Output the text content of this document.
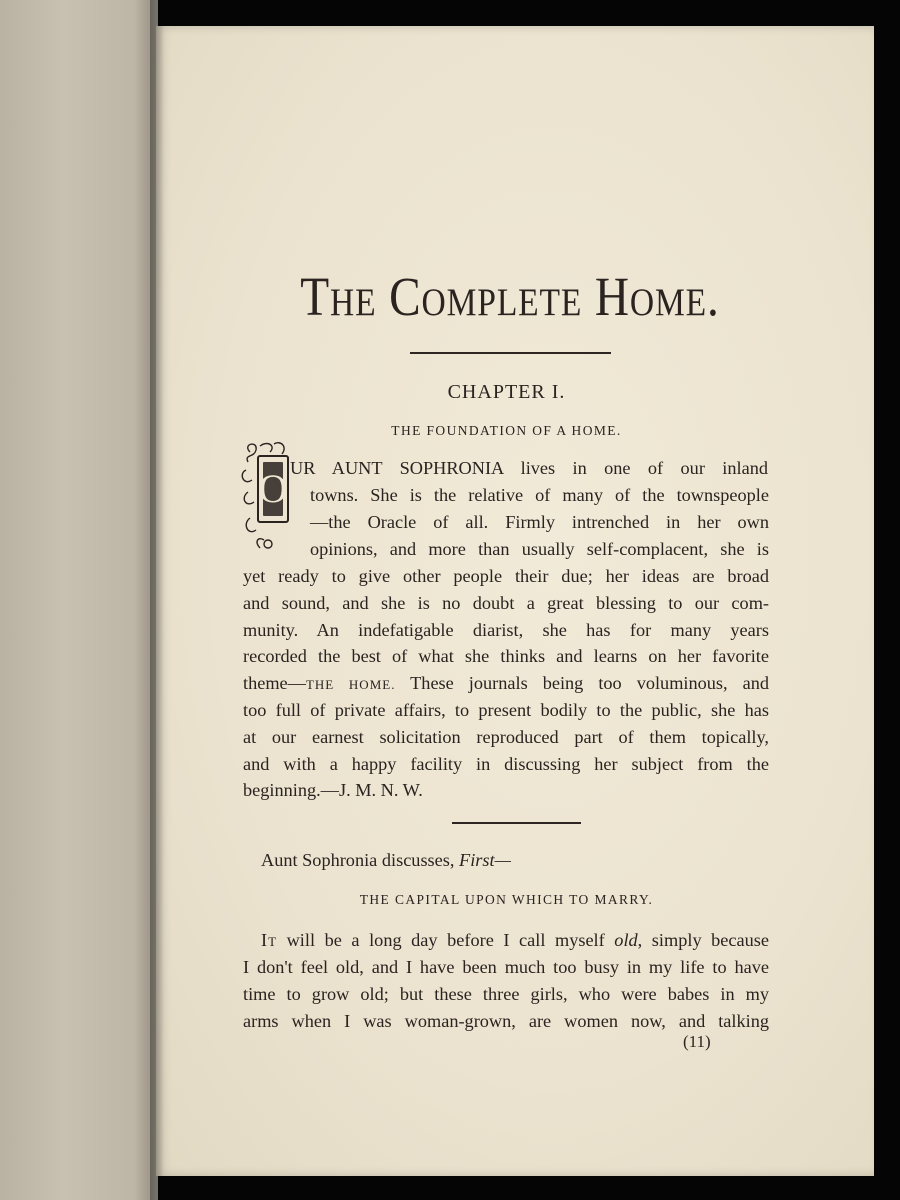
The Complete Home.
CHAPTER I.
THE FOUNDATION OF A HOME.
O UR AUNT SOPHRONIA lives in one of our inland
towns. She is the relative of many of the townspeople
—the Oracle of all. Firmly intrenched in her own
opinions, and more than usually self-complacent, she is
yet ready to give other people their due; her ideas are broad
and sound, and she is no doubt a great blessing to our com-
munity. An indefatigable diarist, she has for many years
recorded the best of what she thinks and learns on her favorite
theme—THE HOME. These journals being too voluminous, and
too full of private affairs, to present bodily to the public, she has
at our earnest solicitation reproduced part of them topically,
and with a happy facility in discussing her subject from the
beginning.—J. M. N. W.
Aunt Sophronia discusses, First—
THE CAPITAL UPON WHICH TO MARRY.
It will be a long day before I call myself old, simply because
I don't feel old, and I have been much too busy in my life to have
time to grow old; but these three girls, who were babes in my
arms when I was woman-grown, are women now, and talking
(11)
